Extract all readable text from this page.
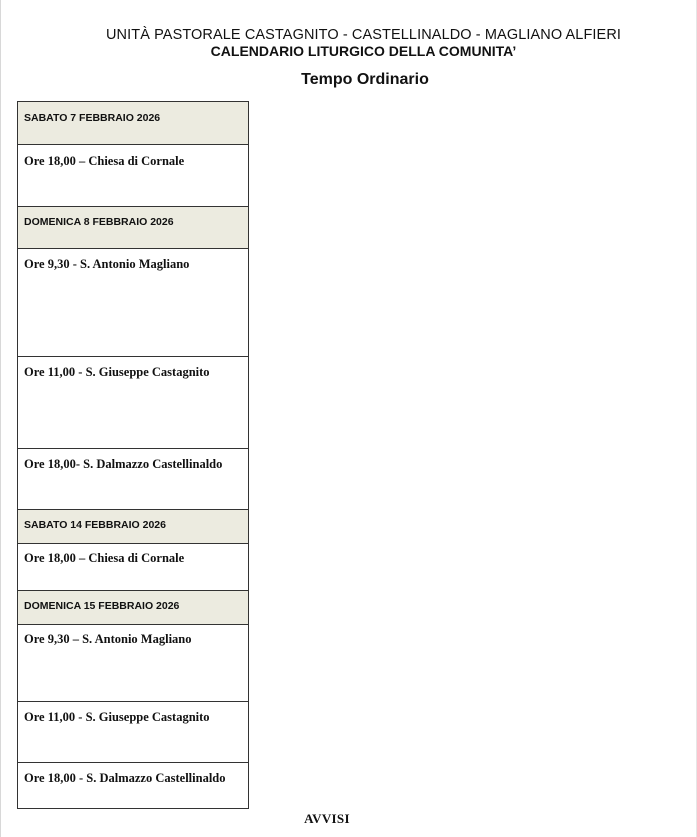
UNITÀ PASTORALE CASTAGNITO - CASTELLINALDO - MAGLIANO ALFIERI
CALENDARIO LITURGICO DELLA COMUNITA’
Tempo Ordinario
SABATO 7 FEBBRAIO 2026
Ore 18,00 – Chiesa di Cornale
DOMENICA 8 FEBBRAIO 2026
Ore 9,30 - S. Antonio Magliano
Ore 11,00 - S. Giuseppe Castagnito
Ore 18,00- S. Dalmazzo Castellinaldo
SABATO 14 FEBBRAIO 2026
Ore 18,00 – Chiesa di Cornale
DOMENICA 15 FEBBRAIO 2026
Ore 9,30 – S. Antonio Magliano
Ore 11,00 - S. Giuseppe Castagnito
Ore 18,00 - S. Dalmazzo Castellinaldo
AVVISI
